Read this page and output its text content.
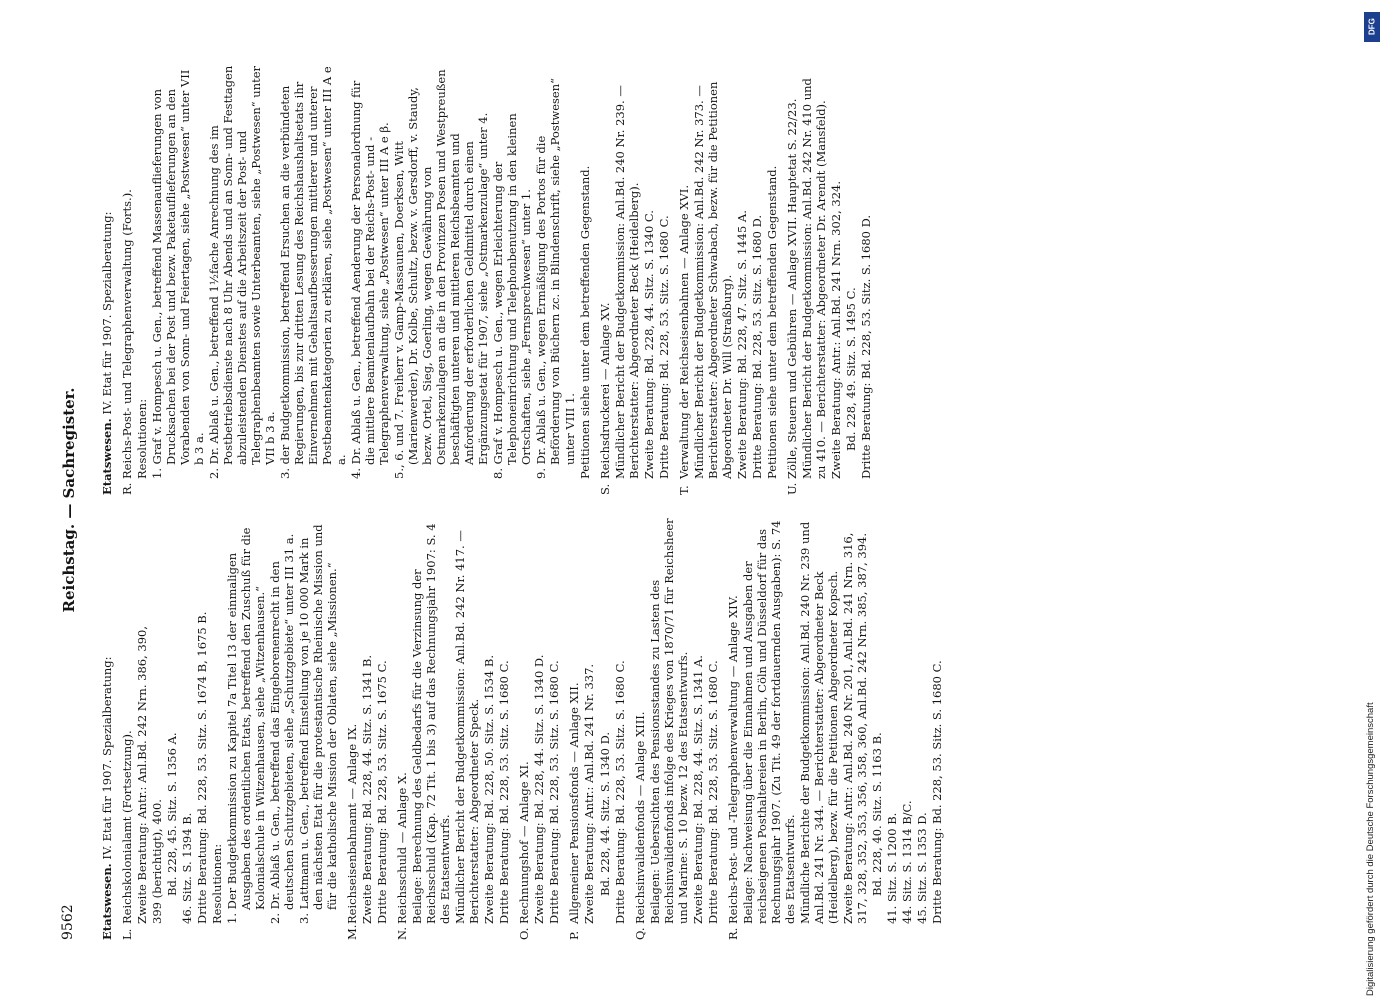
Reichstag. — Sachregister.
9562 Etatswesen. IV. Etat für 1907. Spezialberatung:
L.Reichskolonialamt (Fortsetzung). Zweite Beratung: Antr.: Anl.Bd. 242 Nrn. 386, 390, 399 (berichtigt), 400. Bd. 228, 45. Sitz. S. 1356 A. 46. Sitz. S. 1394 B. Dritte Beratung: Bd. 228, 53. Sitz. S. 1674 B, 1675 B. Resolutionen: 1. Der Budgetkommission zu Kapitel 7a Titel 13 der einmaligen Ausgaben des ordentlichen Etats, betreffend den Zuschuß für die Kolonialschule in Witzenhausen, siehe „Witzenhausen.“ 2. Dr. Ablaß u. Gen., betreffend das Eingeborenenrecht in den deutschen Schutzgebieten, siehe „Schutzgebiete“ unter III 31 a. 3. Lattmann u. Gen., betreffend Einstellung von je 10 000 Mark in den nächsten Etat für die protestantische Rheinische Mission und für die katholische Mission der Oblaten, siehe „Missionen.“
M.Reichseisenbahnamt — Anlage IX. Zweite Beratung: Bd. 228, 44. Sitz. S. 1341 B. Dritte Beratung: Bd. 228, 53. Sitz. S. 1675 C.
N.Reichsschuld — Anlage X. Beilage: Berechnung des Geldbedarfs für die Verzinsung der Reichsschuld (Kap. 72 Tit. 1 bis 3) auf das Rechnungsjahr 1907: S. 4 des Etatsentwurfs. Mündlicher Bericht der Budgetkommission: Anl.Bd. 242 Nr. 417. — Berichterstatter: Abgeordneter Speck. Zweite Beratung: Bd. 228, 50. Sitz. S. 1534 B. Dritte Beratung: Bd. 228, 53. Sitz. S. 1680 C.
O.Rechnungshof — Anlage XI. Zweite Beratung: Bd. 228, 44. Sitz. S. 1340 D. Dritte Beratung: Bd. 228, 53. Sitz. S. 1680 C.
P.Allgemeiner Pensionsfonds — Anlage XII. Zweite Beratung: Antr.: Anl.Bd. 241 Nr. 337. Bd. 228, 44. Sitz. S. 1340 D. Dritte Beratung: Bd. 228, 53. Sitz. S. 1680 C.
Q.Reichsinvalidenfonds — Anlage XIII. Beilagen: Uebersichten des Pensionsstandes zu Lasten des Reichsinvalidenfonds infolge des Krieges von 1870/71 für Reichsheer und Marine: S. 10 bezw. 12 des Etatsentwurfs. Zweite Beratung: Bd. 228, 44. Sitz. S. 1341 A. Dritte Beratung: Bd. 228, 53. Sitz. S. 1680 C.
R.Reichs-Post- und -Telegraphenverwaltung — Anlage XIV. Beilage: Nachweisung über die Einnahmen und Ausgaben der reichseigenen Posthaltereien in Berlin, Cöln und Düsseldorf für das Rechnungsjahr 1907. (Zu Tit. 49 der fortdauernden Ausgaben): S. 74 des Etatsentwurfs. Mündliche Berichte der Budgetkommission: Anl.Bd. 240 Nr. 239 und Anl.Bd. 241 Nr. 344. — Berichterstatter: Abgeordneter Beck (Heidelberg), bezw. für die Petitionen Abgeordneter Kopsch. Zweite Beratung: Antr.: Anl.Bd. 240 Nr. 201, Anl.Bd. 241 Nrn. 316, 317, 328, 352, 353, 356, 358, 360, Anl.Bd. 242 Nrn. 385, 387, 394. Bd. 228, 40. Sitz. S. 1163 B. 41. Sitz. S. 1200 B. 44. Sitz. S. 1314 B/C. 45. Sitz. S. 1353 D. Dritte Beratung: Bd. 228, 53. Sitz. S. 1680 C.
Etatswesen. IV. Etat für 1907. Spezialberatung:
R.Reichs-Post- und Telegraphenverwaltung (Forts.). Resolutionen: 1. Graf v. Hompesch u. Gen., betreffend Massenauflieferungen von Drucksachen bei der Post und bezw. Paketauflieferungen an den Vorabenden von Sonn- und Feiertagen, siehe „Postwesen“ unter VII b 3 a. 2. Dr. Ablaß u. Gen., betreffend 1½fache Anrechnung des im Postbetriebsdienste nach 8 Uhr Abends und an Sonn- und Festtagen abzuleistenden Dienstes auf die Arbeitszeit der Post- und Telegraphenbeamten sowie Unterbeamten, siehe „Postwesen“ unter VII b 3 a. 3. der Budgetkommission, betreffend Ersuchen an die verbündeten Regierungen, bis zur dritten Lesung des Reichshaushaltsetats ihr Einvernehmen mit Gehaltsaufbesserungen mittlerer und unterer Postbeamtenkategorien zu erklären, siehe „Postwesen“ unter III A e a. 4. Dr. Ablaß u. Gen., betreffend Aenderung der Personalordnung für die mittlere Beamtenlaufbahn bei der Reichs-Post- und -Telegraphenverwaltung, siehe „Postwesen“ unter III A e β. 5., 6. und 7. Freiherr v. Gamp-Massaunen, Doerksen, Witt (Marienwerder), Dr. Kolbe, Schultz, bezw. v. Gersdorff, v. Staudy, bezw. Ortel, Sieg, Goerling, wegen Gewährung von Ostmarkenzulagen an die in den Provinzen Posen und Westpreußen beschäftigten unteren und mittleren Reichsbeamten und Anforderung der erforderlichen Geldmittel durch einen Ergänzungsetat für 1907, siehe „Ostmarkenzulage“ unter 4. 8. Graf v. Hompesch u. Gen., wegen Erleichterung der Telephoneinrichtung und Telephonbenutzung in den kleinen Ortschaften, siehe „Fernsprechwesen“ unter 1. 9. Dr. Ablaß u. Gen., wegen Ermäßigung des Portos für die Beförderung von Büchern zc. in Blindenschrift, siehe „Postwesen“ unter VIII 1. Petitionen siehe unter dem betreffenden Gegenstand.
S.Reichsdruckerei — Anlage XV. Mündlicher Bericht der Budgetkommission: Anl.Bd. 240 Nr. 239. — Berichterstatter: Abgeordneter Beck (Heidelberg). Zweite Beratung: Bd. 228, 44. Sitz. S. 1340 C. Dritte Beratung: Bd. 228, 53. Sitz. S. 1680 C.
T.Verwaltung der Reichseisenbahnen — Anlage XVI. Mündlicher Bericht der Budgetkommission: Anl.Bd. 242 Nr. 373. — Berichterstatter: Abgeordneter Schwabach, bezw. für die Petitionen Abgeordneter Dr. Will (Straßburg). Zweite Beratung: Bd. 228, 47. Sitz. S. 1445 A. Dritte Beratung: Bd. 228, 53. Sitz. S. 1680 D. Petitionen siehe unter dem betreffenden Gegenstand.
U.Zölle, Steuern und Gebühren — Anlage XVII. Hauptetat S. 22/23. Mündlicher Bericht der Budgetkommission: Anl.Bd. 242 Nr. 410 und zu 410. — Berichterstatter: Abgeordneter Dr. Arendt (Mansfeld). Zweite Beratung: Antr.: Anl.Bd. 241 Nrn. 302, 324. Bd. 228, 49. Sitz. S. 1495 C. Dritte Beratung: Bd. 228, 53. Sitz. S. 1680 D.
DFG
Digitalisierung gefördert durch die Deutsche Forschungsgemeinschaft
